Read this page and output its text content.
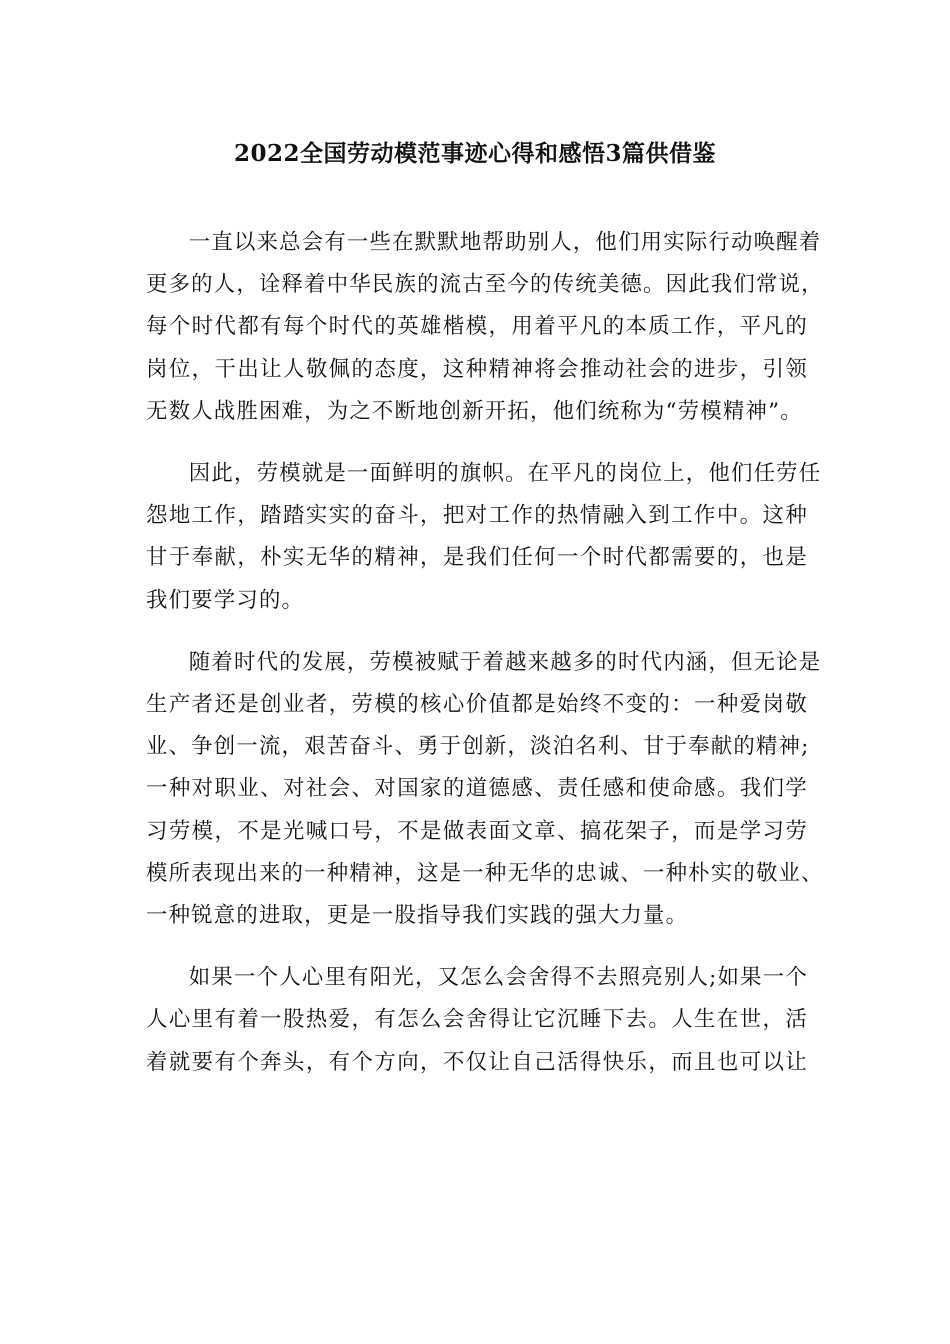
2022全国劳动模范事迹心得和感悟3篇供借鉴
一直以来总会有一些在默默地帮助别人，他们用实际行动唤醒着
更多的人，诠释着中华民族的流古至今的传统美德。因此我们常说，
每个时代都有每个时代的英雄楷模，用着平凡的本质工作，平凡的
岗位，干出让人敬佩的态度，这种精神将会推动社会的进步，引领
无数人战胜困难，为之不断地创新开拓，他们统称为“劳模精神”。
因此，劳模就是一面鲜明的旗帜。在平凡的岗位上，他们任劳任
怨地工作，踏踏实实的奋斗，把对工作的热情融入到工作中。这种
甘于奉献，朴实无华的精神，是我们任何一个时代都需要的，也是
我们要学习的。
随着时代的发展，劳模被赋于着越来越多的时代内涵，但无论是
生产者还是创业者，劳模的核心价值都是始终不变的：一种爱岗敬
业、争创一流，艰苦奋斗、勇于创新，淡泊名利、甘于奉献的精神;
一种对职业、对社会、对国家的道德感、责任感和使命感。我们学
习劳模，不是光喊口号，不是做表面文章、搞花架子，而是学习劳
模所表现出来的一种精神，这是一种无华的忠诚、一种朴实的敬业、
一种锐意的进取，更是一股指导我们实践的强大力量。
如果一个人心里有阳光，又怎么会舍得不去照亮别人;如果一个
人心里有着一股热爱，有怎么会舍得让它沉睡下去。人生在世，活
着就要有个奔头，有个方向，不仅让自己活得快乐，而且也可以让
